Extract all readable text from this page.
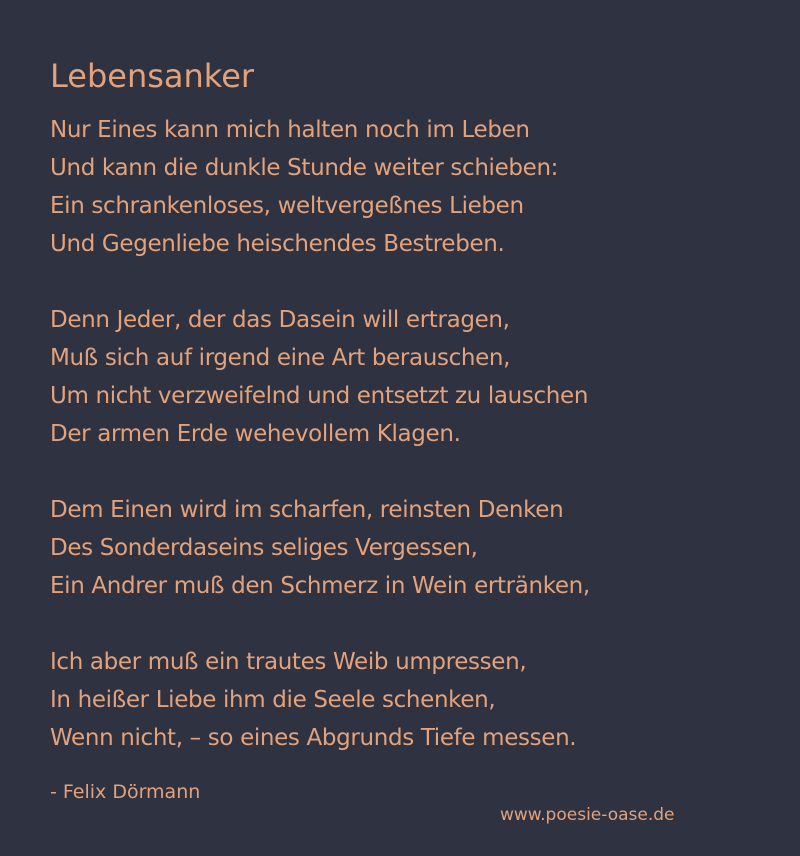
Lebensanker
Nur Eines kann mich halten noch im Leben
Und kann die dunkle Stunde weiter schieben:
Ein schrankenloses, weltvergeßnes Lieben
Und Gegenliebe heischendes Bestreben.
Denn Jeder, der das Dasein will ertragen,
Muß sich auf irgend eine Art berauschen,
Um nicht verzweifelnd und entsetzt zu lauschen
Der armen Erde wehevollem Klagen.
Dem Einen wird im scharfen, reinsten Denken
Des Sonderdaseins seliges Vergessen,
Ein Andrer muß den Schmerz in Wein ertränken,
Ich aber muß ein trautes Weib umpressen,
In heißer Liebe ihm die Seele schenken,
Wenn nicht, – so eines Abgrunds Tiefe messen.
- Felix Dörmann
www.poesie-oase.de
